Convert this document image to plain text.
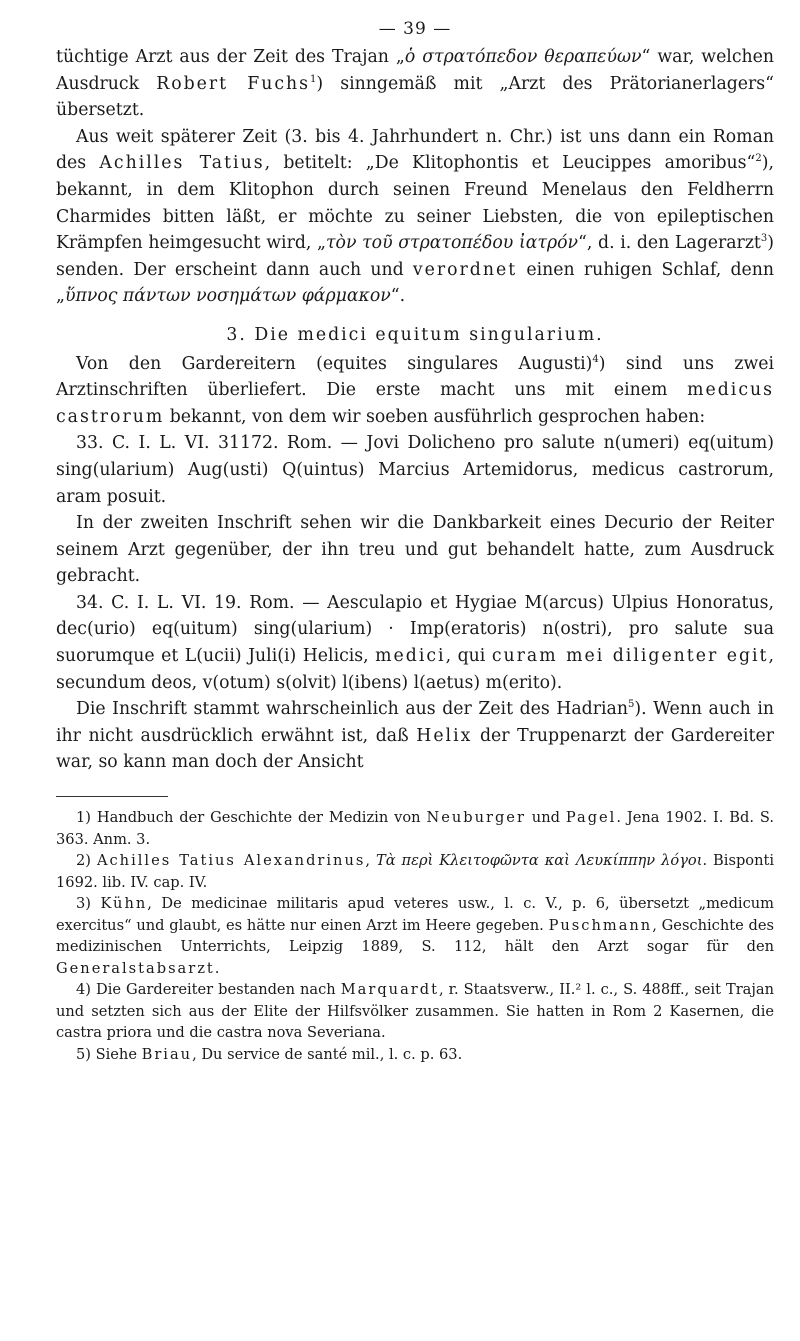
— 39 —

tüchtige Arzt aus der Zeit des Trajan „ὁ στρατόπεδον θεραπεύων“ war, welchen Ausdruck Robert Fuchs$^1$) sinngemäß mit „Arzt des Prätorianerlagers“ übersetzt.

Aus weit späterer Zeit (3. bis 4. Jahrhundert n. Chr.) ist uns dann ein Roman des Achilles Tatius, betitelt: „De Klitophontis et Leucippes amoribus“$^2$), bekannt, in dem Klitophon durch seinen Freund Menelaus den Feldherrn Charmides bitten läßt, er möchte zu seiner Liebsten, die von epileptischen Krämpfen heimgesucht wird, „τὸν τοῦ στρατοπέδου ἰατρόν“, d. i. den Lagerarzt$^3$) senden. Der erscheint dann auch und verordnet einen ruhigen Schlaf, denn „ὕπνος πάντων νοσημάτων φάρμακον“.

3. Die medici equitum singularium.

Von den Gardereitern (equites singulares Augusti)$^4$) sind uns zwei Arztinschriften überliefert. Die erste macht uns mit einem medicus castrorum bekannt, von dem wir soeben ausführlich gesprochen haben:

33. C. I. L. VI. 31172. Rom. — Jovi Dolicheno pro salute n(umeri) eq(uitum) sing(ularium) Aug(usti) Q(uintus) Marcius Artemidorus, medicus castrorum, aram posuit.

In der zweiten Inschrift sehen wir die Dankbarkeit eines Decurio der Reiter seinem Arzt gegenüber, der ihn treu und gut behandelt hatte, zum Ausdruck gebracht.

34. C. I. L. VI. 19. Rom. — Aesculapio et Hygiae M(arcus) Ulpius Honoratus, dec(urio) eq(uitum) sing(ularium) · Imp(eratoris) n(ostri), pro salute sua suorumque et L(ucii) Juli(i) Helicis, medici, qui curam mei diligenter egit, secundum deos, v(otum) s(olvit) l(ibens) l(aetus) m(erito).

Die Inschrift stammt wahrscheinlich aus der Zeit des Hadrian$^5$). Wenn auch in ihr nicht ausdrücklich erwähnt ist, daß Helix der Truppenarzt der Gardereiter war, so kann man doch der Ansicht

1) Handbuch der Geschichte der Medizin von Neuburger und Pagel. Jena 1902. I. Bd. S. 363. Anm. 3.

2) Achilles Tatius Alexandrinus, Τὰ περὶ Κλειτοφῶντα καὶ Λευκίππην λόγοι. Bisponti 1692. lib. IV. cap. IV.

3) Kühn, De medicinae militaris apud veteres usw., l. c. V., p. 6, übersetzt „medicum exercitus“ und glaubt, es hätte nur einen Arzt im Heere gegeben. Puschmann, Geschichte des medizinischen Unterrichts, Leipzig 1889, S. 112, hält den Arzt sogar für den Generalstabsarzt.

4) Die Gardereiter bestanden nach Marquardt, r. Staatsverw., II.² l. c., S. 488ff., seit Trajan und setzten sich aus der Elite der Hilfsvölker zusammen. Sie hatten in Rom 2 Kasernen, die castra priora und die castra nova Severiana.

5) Siehe Briau, Du service de santé mil., l. c. p. 63.
